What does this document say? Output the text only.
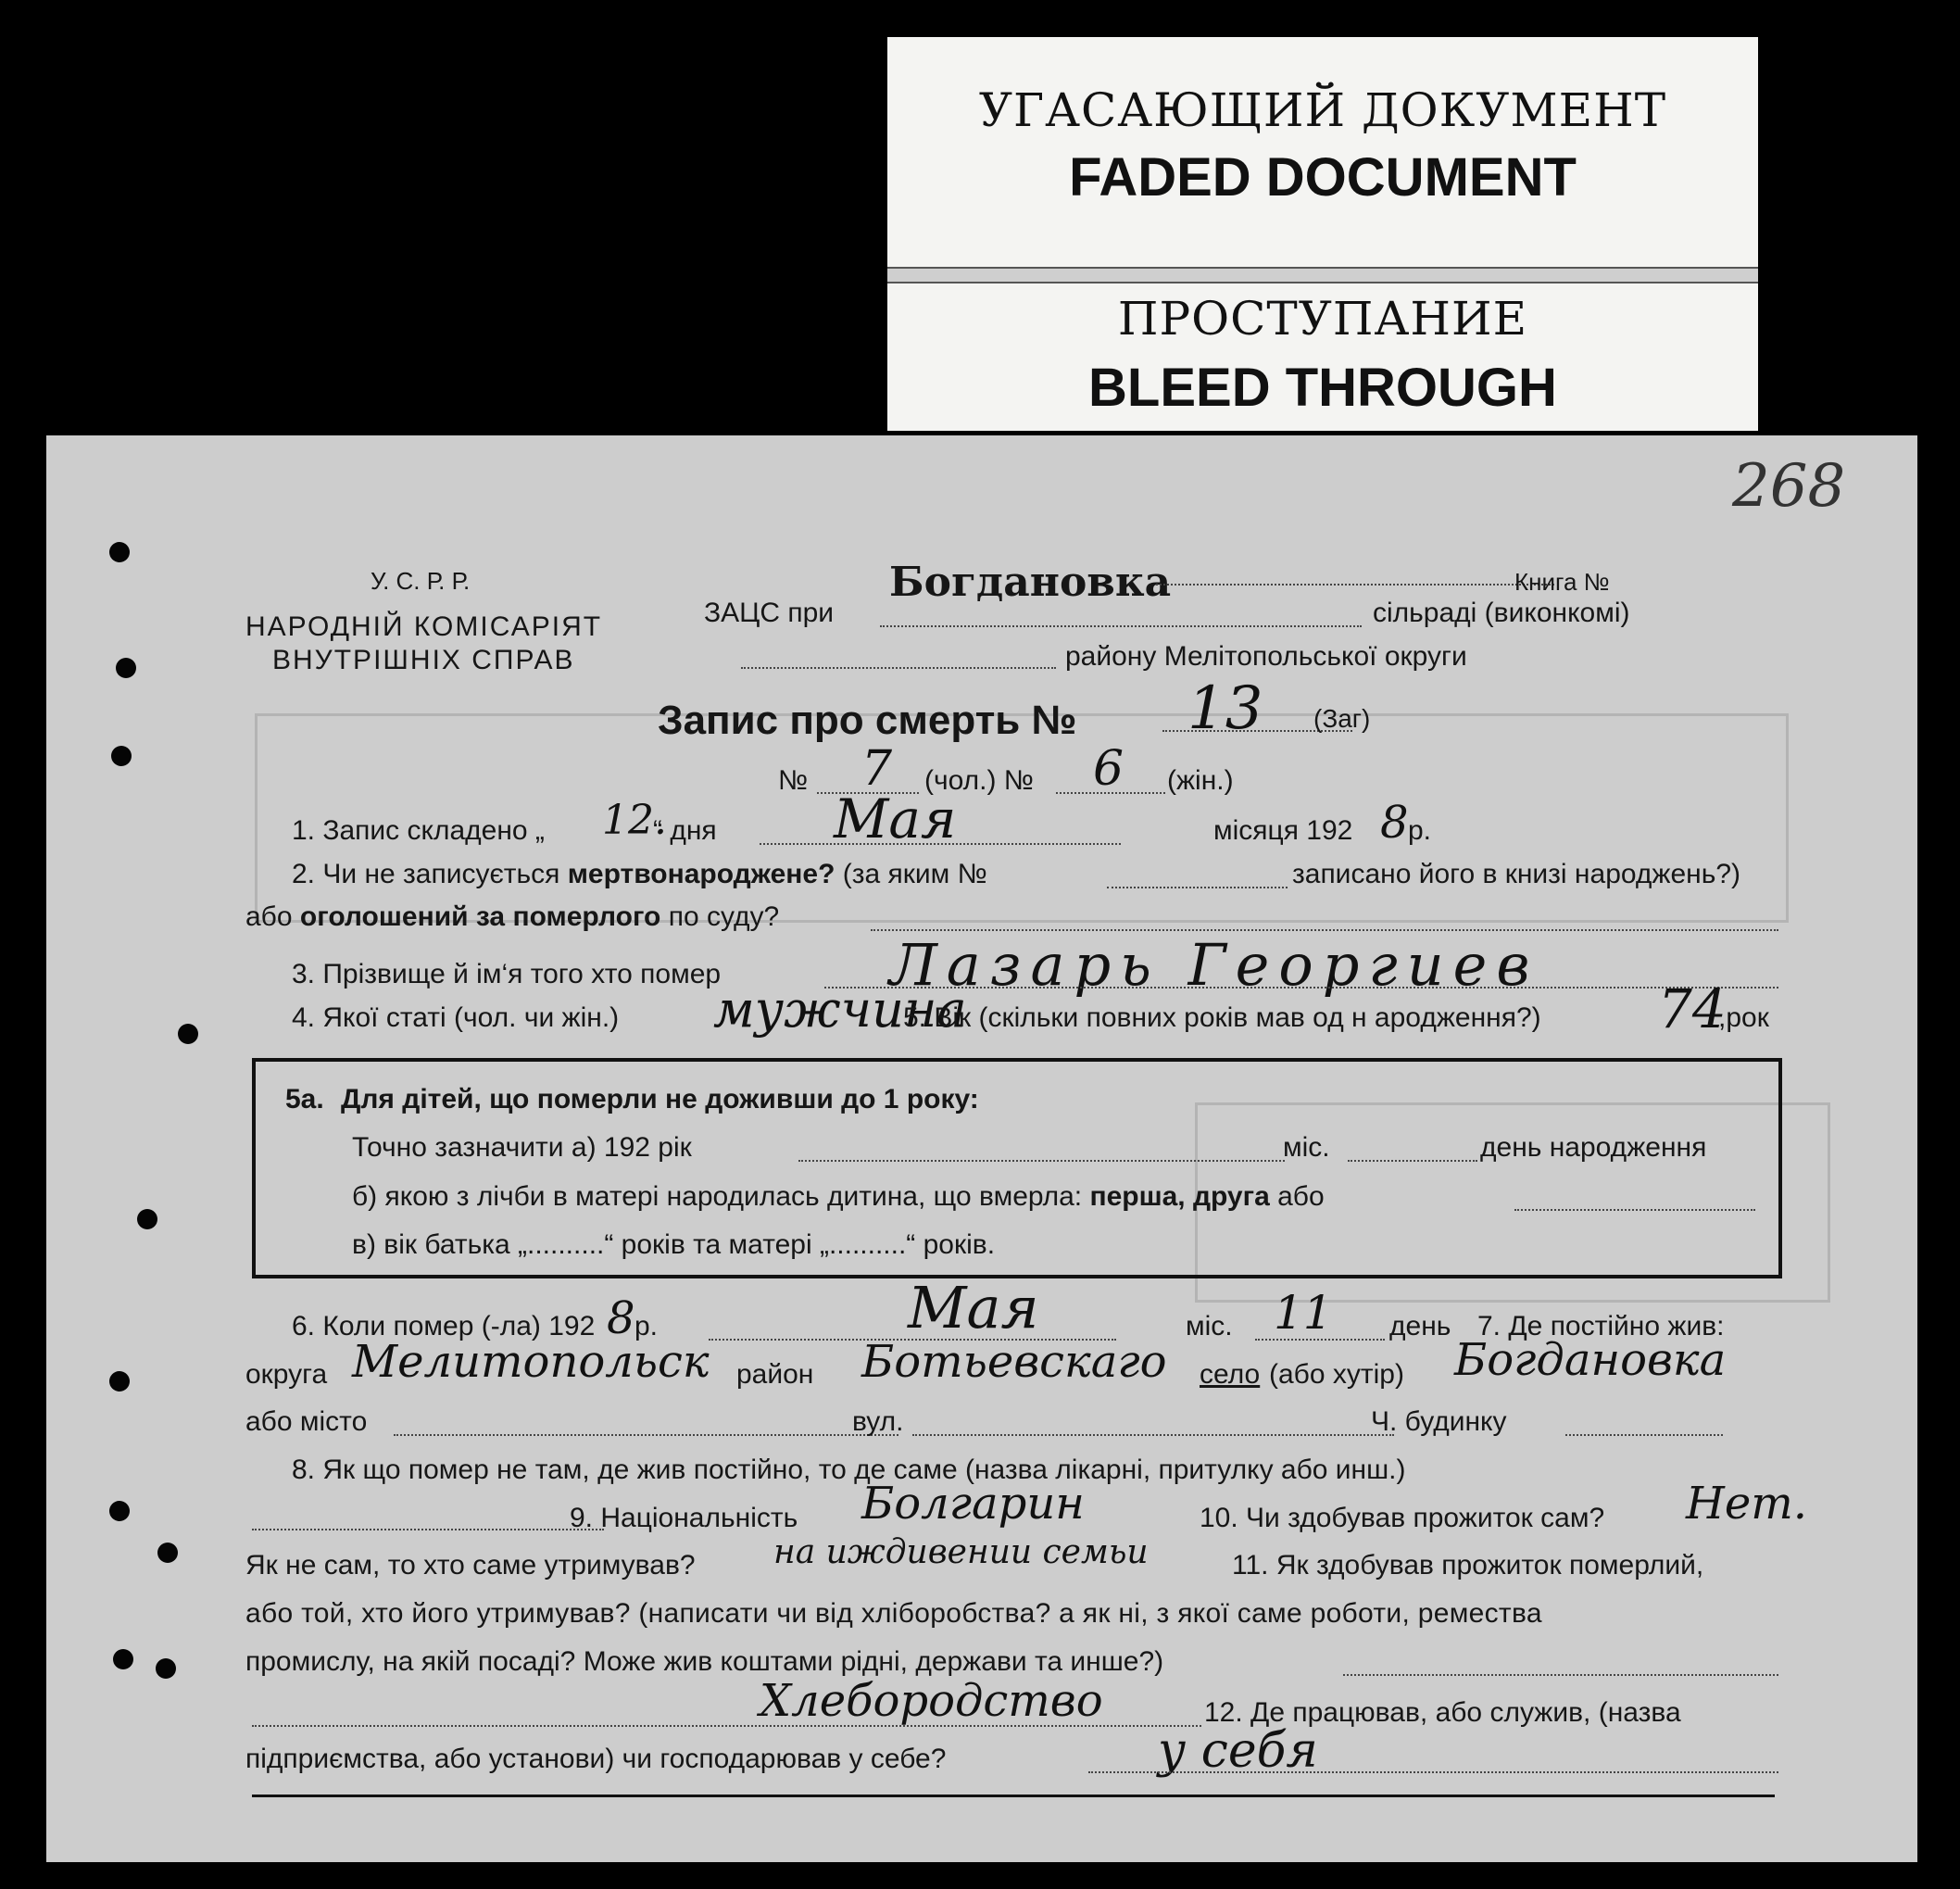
УГАСАЮЩИЙ ДОКУМЕНТ
FADED DOCUMENT
ПРОСТУПАНИЕ
BLEED THROUGH
268
У. С. Р. Р.
НАРОДНІЙ КОМІСАРІЯТ
ВНУТРІШНІХ СПРАВ
ЗАЦС при
Богдановка	Книга №
сільраді (виконкомі)
району Мелітопольської округи
Запис про смерть № 13 (Заг)
№ 7 (чол.) № 6 (жін.)
1. Запис складено „ 12.
“ дня Мая	місяця 192 8 р.
2. Чи не записується мертвонароджене? (за яким №	записано його в книзі народжень?)
або оголошений за померлого по суду?
3. Прізвище й ім‘я того хто помер	Лазарь Георгиев
4. Якої статі (чол. чи жін.) мужчина
5. Вік (скільки повних років мав од н ародження?) 74
,рок
5a. Для дітей, що померли не доживши до 1 року:
Точно зазначити а) 192 рік	міс.	день народження
б) якою з лічби в матері народилась дитина, що вмерла: перша, друга або
в) вік батька „..........“ років та матері „..........“ років.
6. Коли помер (-ла) 192 8 р.	Мая	міс. 11 день 7. Де постійно жив:
округа Мелитопольск район Ботьевскаго село (або хутір) Богдановка
або місто	вул.	Ч. будинку
8. Як що помер не там, де жив постійно, то де саме (назва лікарні, притулку або инш.)
9. Національність Болгарин	10. Чи здобував прожиток сам? Нет.
Як не сам, то хто саме утримував? на иждивении семьи	11. Як здобував прожиток померлий,
або той, хто його утримував? (написати чи від хліборобства? а як ні, з якої саме роботи, ремества
промислу, на якій посаді? Може жив коштами рідні, держави та инше?)
Хлебородство	12. Де працював, або служив, (назва
підприємства, або установи) чи господарював у себе?	у себя
